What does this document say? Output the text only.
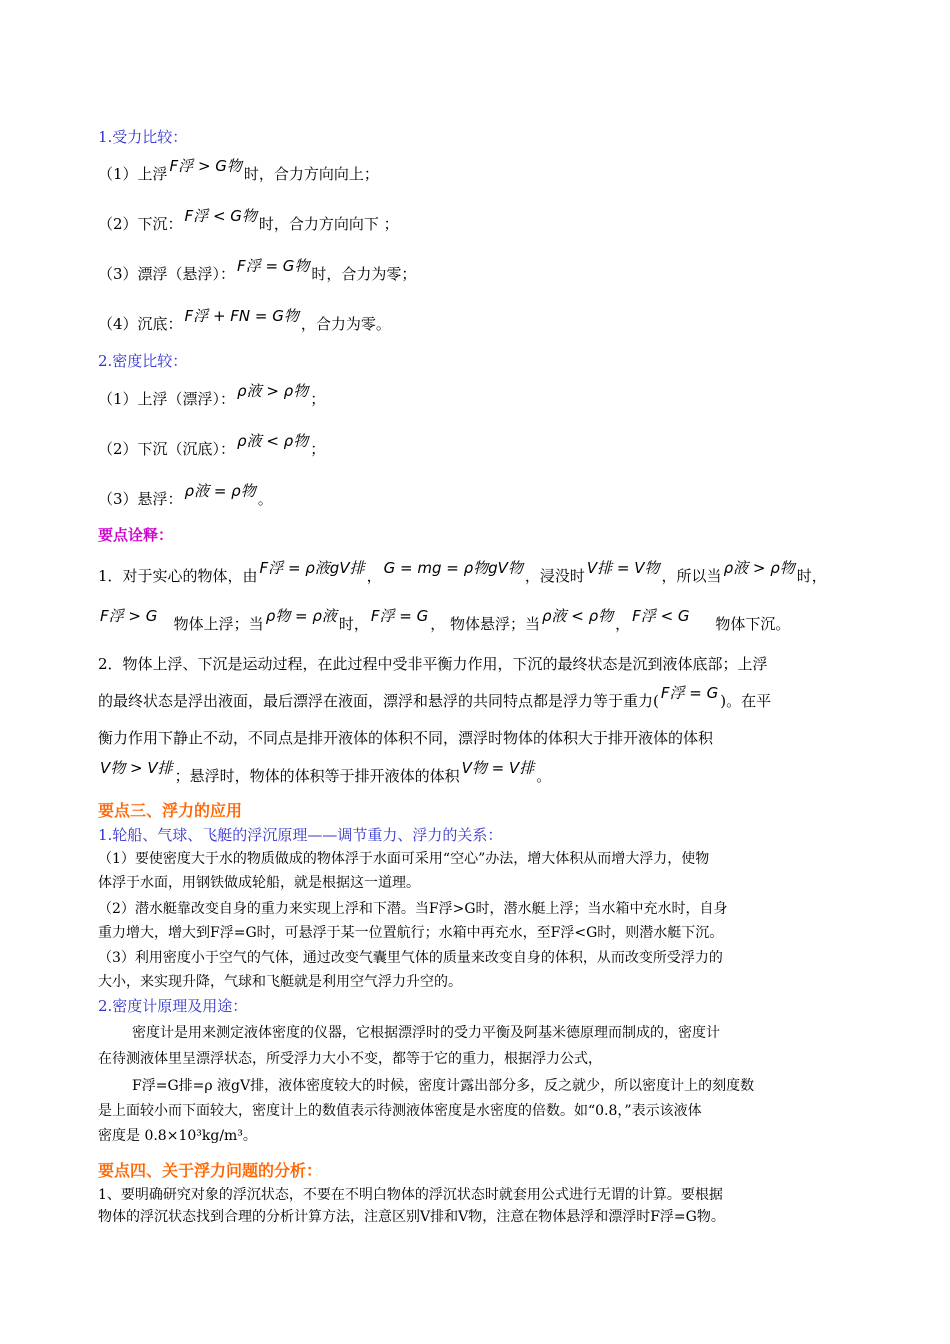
1.受力比较：
（1）上浮 F浮 > G物 时，合力方向向上；
（2）下沉： F浮 < G物 时，合力方向向下 ；
（3）漂浮（悬浮）： F浮 = G物 时，合力为零；
（4）沉底： F浮 + FN = G物 ，合力为零。
2.密度比较：
（1）上浮（漂浮）： ρ液 > ρ物 ；
（2）下沉（沉底）： ρ液 < ρ物 ；
（3）悬浮： ρ液 = ρ物 。
要点诠释：
1．对于实心的物体，由 F浮 = ρ液gV排 ， G = mg = ρ物gV物 ，浸没时 V排 = V物 ，所以当 ρ液 > ρ物 时，
F浮 > G 物体上浮；当 ρ物 = ρ液 时， F浮 = G ， 物体悬浮；当 ρ液 < ρ物 ， F浮 < G 物体下沉。
2．物体上浮、下沉是运动过程，在此过程中受非平衡力作用，下沉的最终状态是沉到液体底部；上浮
的最终状态是浮出液面，最后漂浮在液面，漂浮和悬浮的共同特点都是浮力等于重力( F浮 = G )。在平
衡力作用下静止不动，不同点是排开液体的体积不同，漂浮时物体的体积大于排开液体的体积
V物 > V排 ；悬浮时，物体的体积等于排开液体的体积 V物 = V排 。
要点三、浮力的应用
1.轮船、气球、飞艇的浮沉原理——调节重力、浮力的关系：
（1）要使密度大于水的物质做成的物体浮于水面可采用“空心”办法，增大体积从而增大浮力，使物
体浮于水面，用钢铁做成轮船，就是根据这一道理。
（2）潜水艇靠改变自身的重力来实现上浮和下潜。当F浮>G时，潜水艇上浮；当水箱中充水时，自身
重力增大，增大到F浮=G时，可悬浮于某一位置航行；水箱中再充水，至F浮<G时，则潜水艇下沉。
（3）利用密度小于空气的气体，通过改变气囊里气体的质量来改变自身的体积，从而改变所受浮力的
大小，来实现升降，气球和飞艇就是利用空气浮力升空的。
2.密度计原理及用途：
密度计是用来测定液体密度的仪器，它根据漂浮时的受力平衡及阿基米德原理而制成的，密度计
在待测液体里呈漂浮状态，所受浮力大小不变，都等于它的重力，根据浮力公式，
F浮=G排=ρ 液gV排，液体密度较大的时候，密度计露出部分多，反之就少，所以密度计上的刻度数
是上面较小而下面较大，密度计上的数值表示待测液体密度是水密度的倍数。如“0.8，”表示该液体
密度是 0.8×10³kg/m³。
要点四、关于浮力问题的分析：
1、要明确研究对象的浮沉状态，不要在不明白物体的浮沉状态时就套用公式进行无谓的计算。要根据
物体的浮沉状态找到合理的分析计算方法，注意区别V排和V物，注意在物体悬浮和漂浮时F浮=G物。
